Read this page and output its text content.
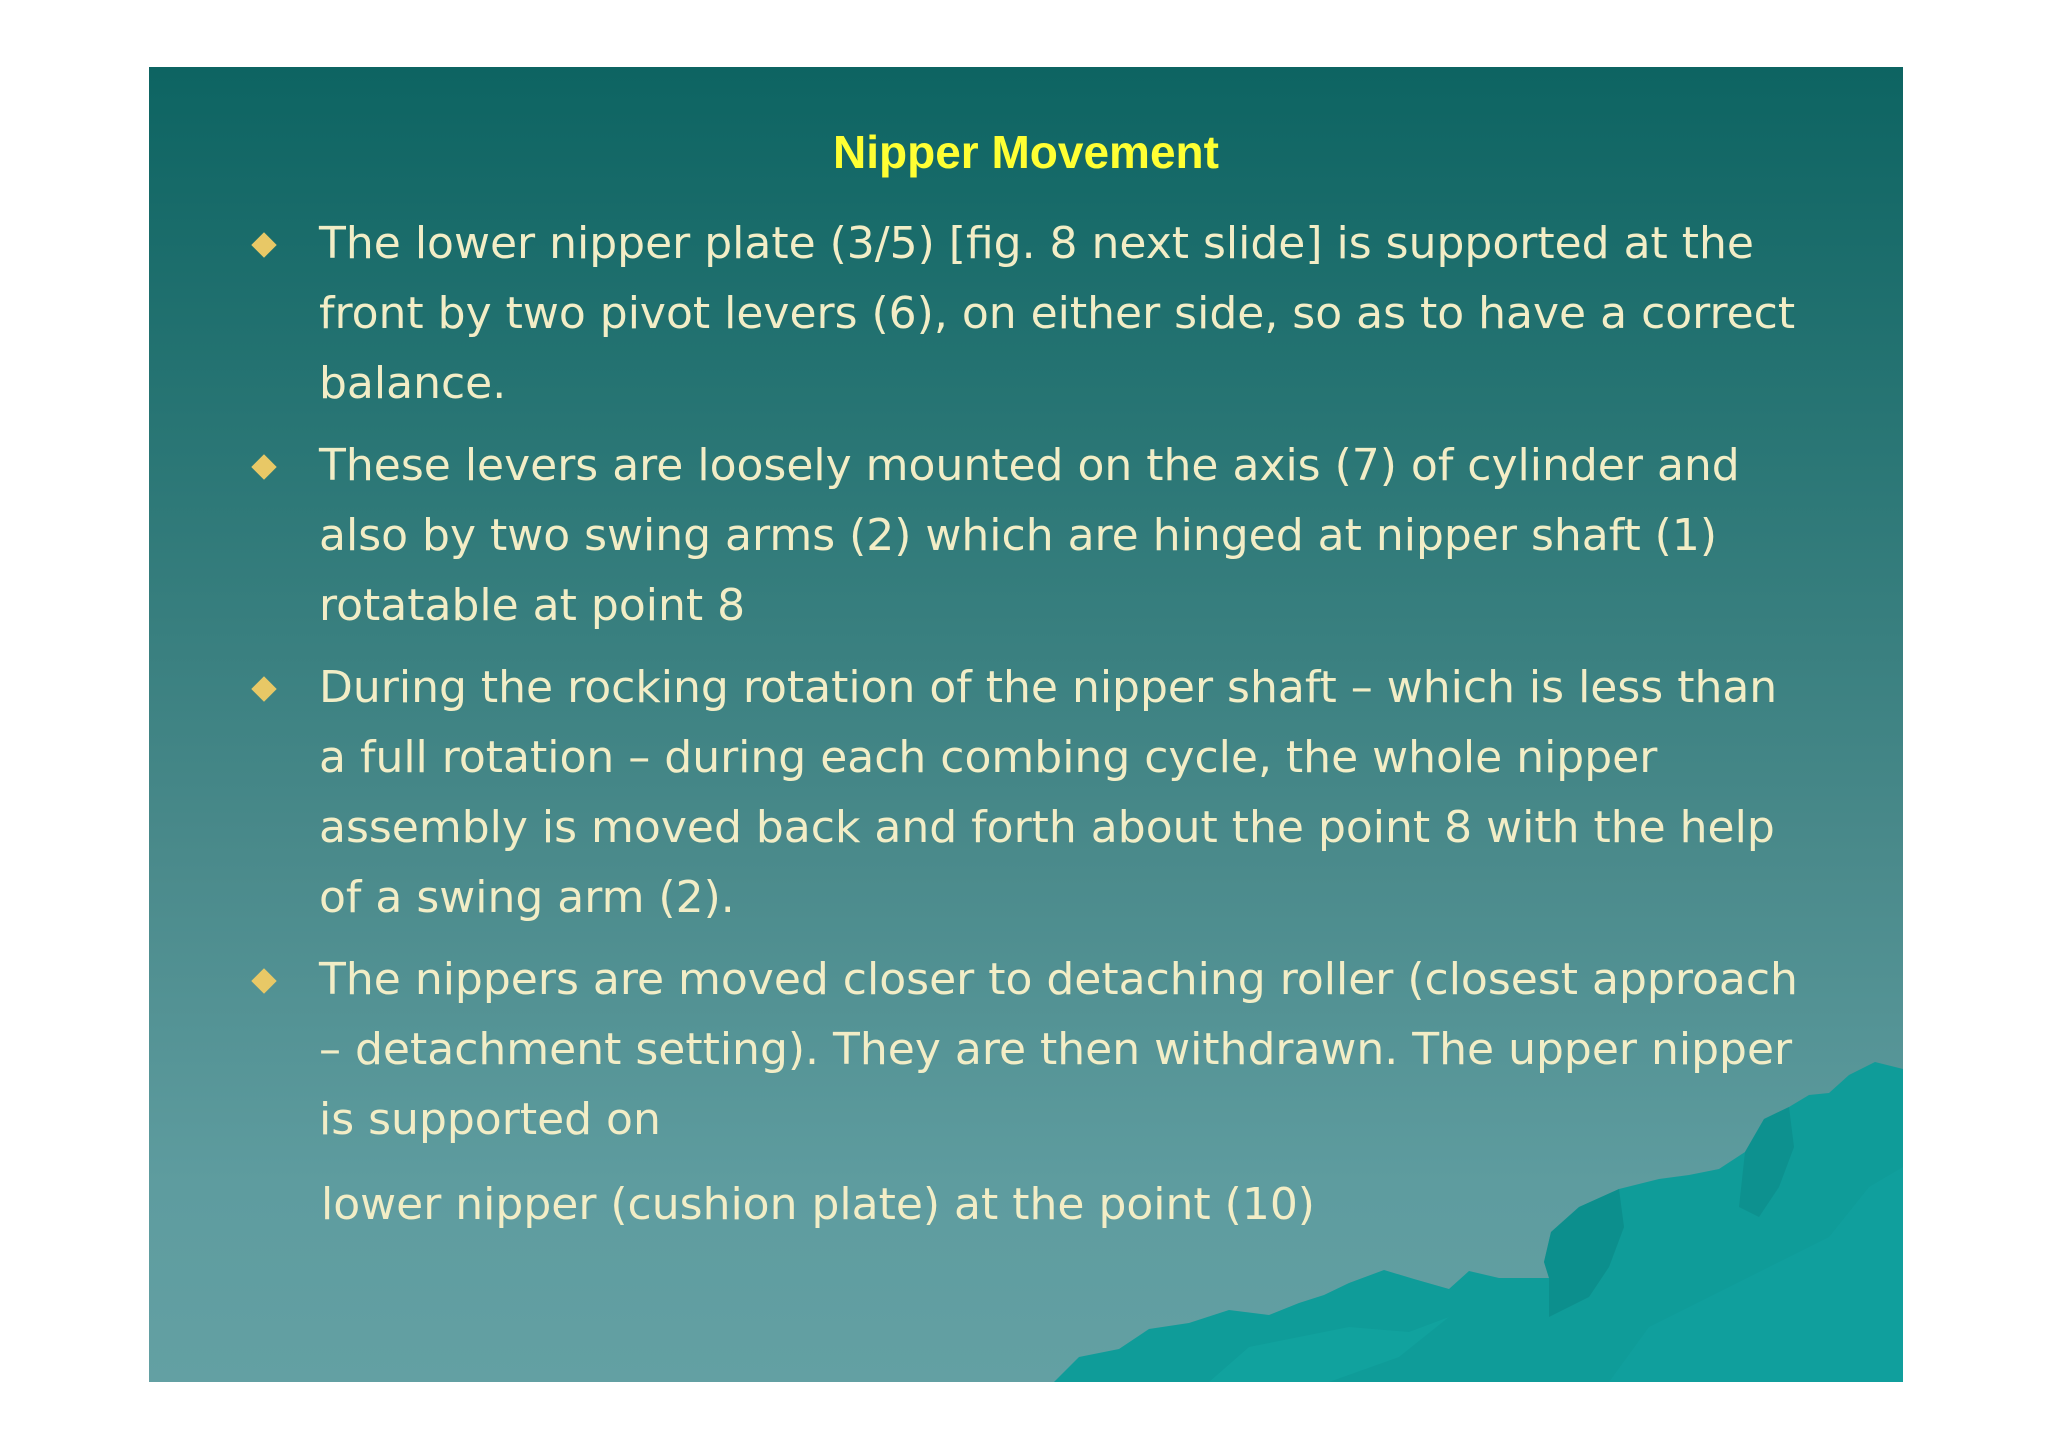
Nipper Movement
The lower nipper plate (3/5) [fig. 8 next slide] is supported at the front by two pivot levers (6), on either side, so as to have a correct balance.
These levers are loosely mounted on the axis (7) of cylinder and also by two swing arms (2) which are hinged at nipper shaft (1) rotatable at point 8
During the rocking rotation of the nipper shaft – which is less than a full rotation – during each combing cycle, the whole nipper assembly is moved back and forth about the point 8 with the help of a swing arm (2).
The nippers are moved closer to detaching roller (closest approach – detachment setting). They are then withdrawn. The upper nipper is supported on
lower nipper (cushion plate) at the point (10)
